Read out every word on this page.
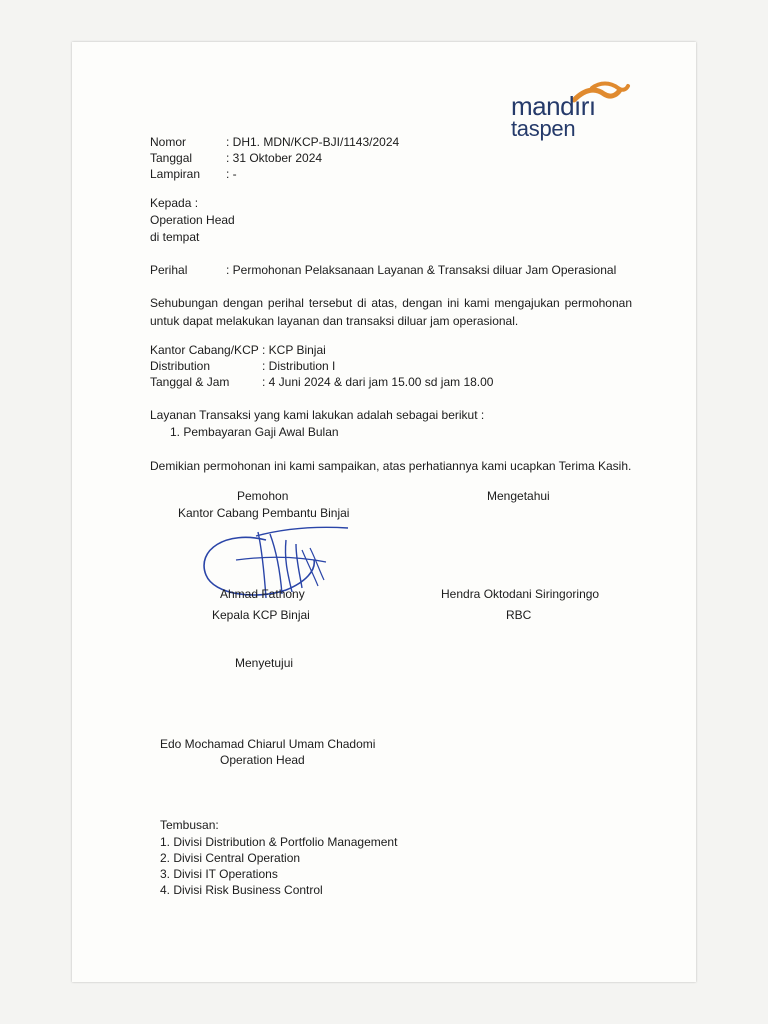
mandırı
taspen
Nomor	: DH1. MDN/KCP-BJI/1143/2024
Tanggal	: 31 Oktober 2024
Lampiran : -
Kepada :
Operation Head
di tempat
Perihal	: Permohonan Pelaksanaan Layanan & Transaksi diluar Jam Operasional
Sehubungan dengan perihal tersebut di atas, dengan ini kami mengajukan permohonan untuk dapat melakukan layanan dan transaksi diluar jam operasional.
Kantor Cabang/KCP : KCP Binjai
Distribution	: Distribution I
Tanggal & Jam	: 4 Juni 2024 & dari jam 15.00 sd jam 18.00
Layanan Transaksi yang kami lakukan adalah sebagai berikut :
1. Pembayaran Gaji Awal Bulan
Demikian permohonan ini kami sampaikan, atas perhatiannya kami ucapkan Terima Kasih.
Pemohon
Kantor Cabang Pembantu Binjai
Mengetahui
Ahmad Fathony
Kepala KCP Binjai
Hendra Oktodani Siringoringo
RBC
Menyetujui
Edo Mochamad Chiarul Umam Chadomi
Operation Head
Tembusan:
1. Divisi Distribution & Portfolio Management
2. Divisi Central Operation
3. Divisi IT Operations
4. Divisi Risk Business Control
